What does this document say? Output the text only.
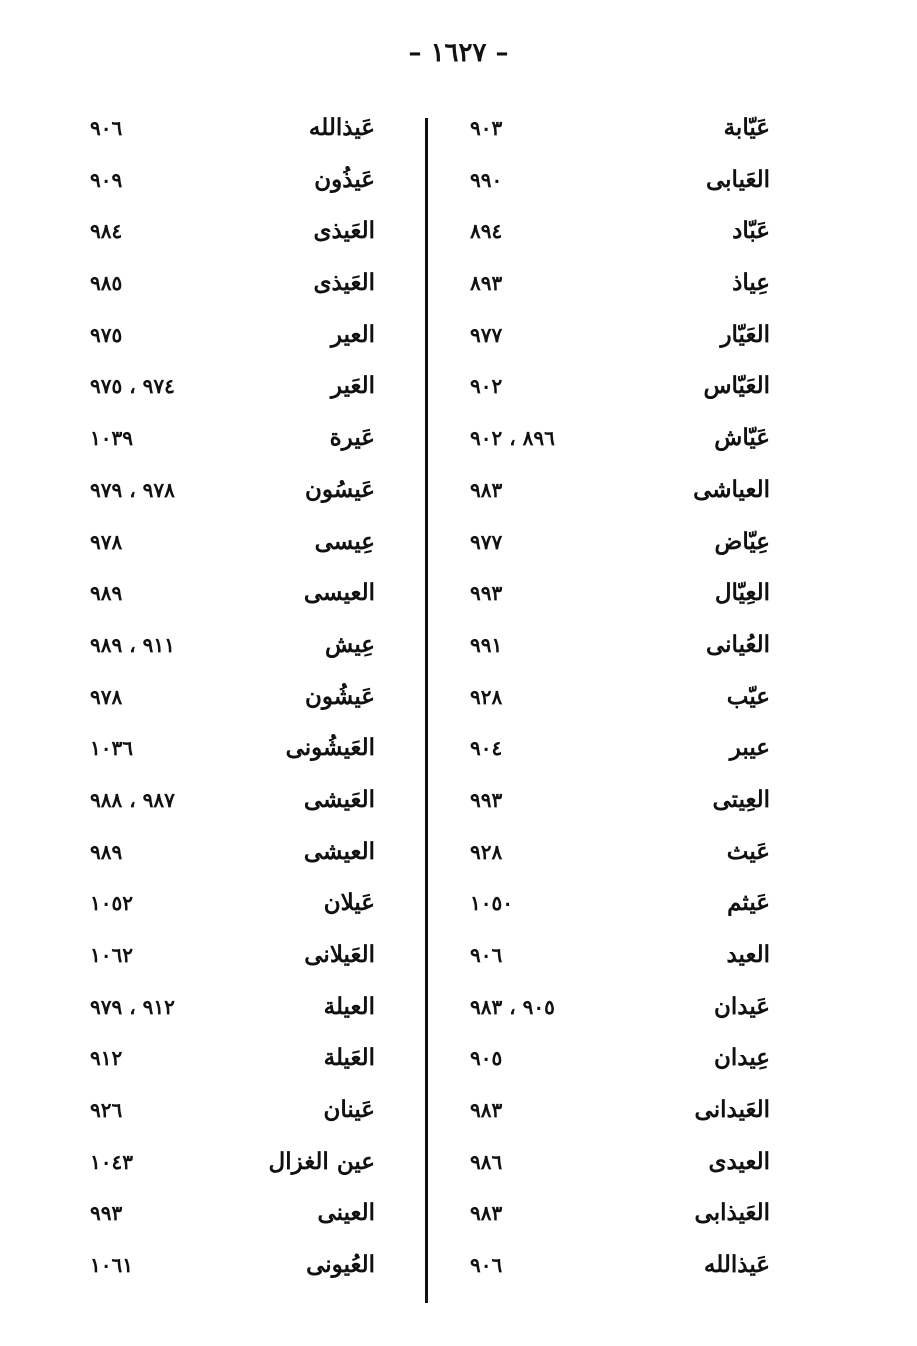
– ١٦٢٧ –
عَيّابة
٩٠٣
العَيابى
٩٩٠
عَبّاد
٨٩٤
عِياذ
٨٩٣
العَيّار
٩٧٧
العَيّاس
٩٠٢
عَيّاش
٨٩٦ ، ٩٠٢
العياشى
٩٨٣
عِيّاض
٩٧٧
العِيّال
٩٩٣
العُيانى
٩٩١
عيّب
٩٢٨
عيبر
٩٠٤
العِيتى
٩٩٣
عَيث
٩٢٨
عَيثم
١٠٥٠
العيد
٩٠٦
عَيدان
٩٠٥ ، ٩٨٣
عِيدان
٩٠٥
العَيدانى
٩٨٣
العيدى
٩٨٦
العَيذابى
٩٨٣
عَيذالله
٩٠٦
عَيذالله
٩٠٦
عَيذُون
٩٠٩
العَيذى
٩٨٤
العَيذى
٩٨٥
العير
٩٧٥
العَير
٩٧٤ ، ٩٧٥
عَيرة
١٠٣٩
عَيسُون
٩٧٨ ، ٩٧٩
عِيسى
٩٧٨
العيسى
٩٨٩
عِيش
٩١١ ، ٩٨٩
عَيشُون
٩٧٨
العَيشُونى
١٠٣٦
العَيشى
٩٨٧ ، ٩٨٨
العيشى
٩٨٩
عَيلان
١٠٥٢
العَيلانى
١٠٦٢
العيلة
٩١٢ ، ٩٧٩
العَيلة
٩١٢
عَينان
٩٢٦
عين الغزال
١٠٤٣
العينى
٩٩٣
العُيونى
١٠٦١
